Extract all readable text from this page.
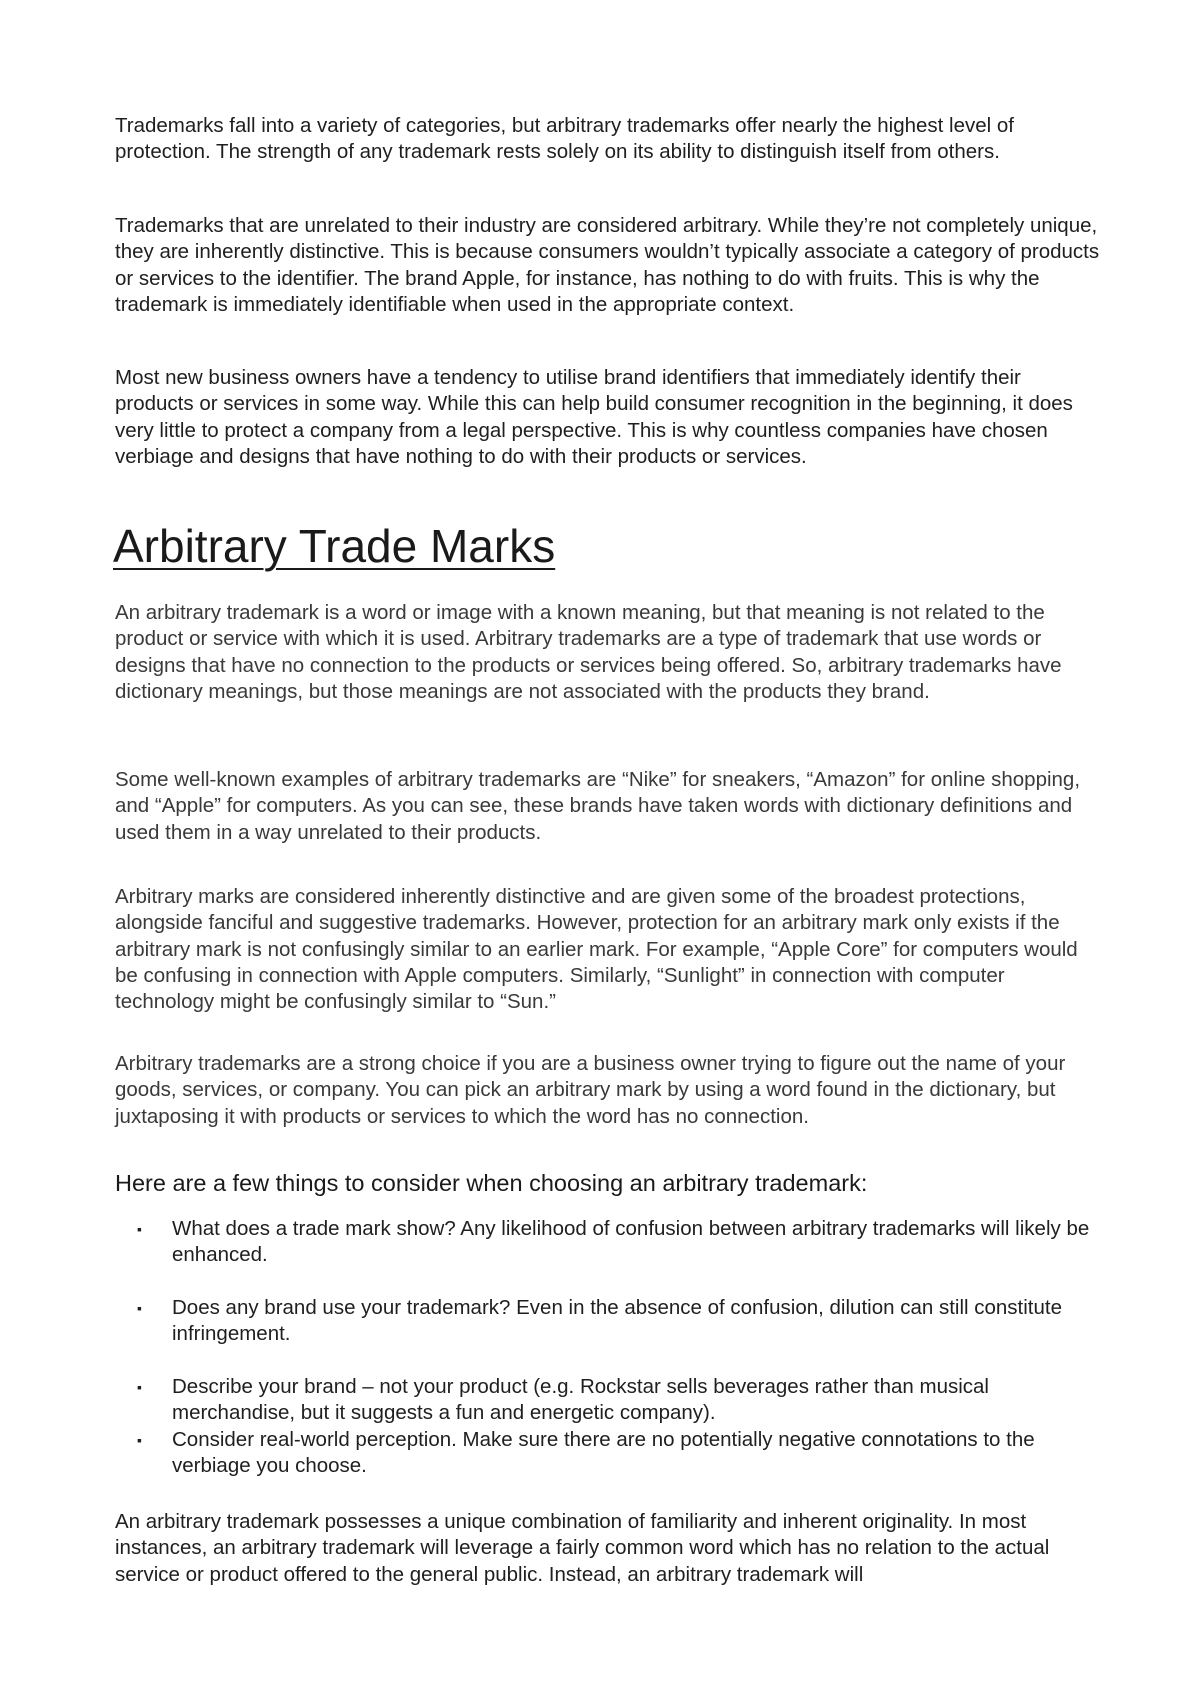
Trademarks fall into a variety of categories, but arbitrary trademarks offer nearly the highest level of protection. The strength of any trademark rests solely on its ability to distinguish itself from others.

Trademarks that are unrelated to their industry are considered arbitrary. While they’re not completely unique, they are inherently distinctive. This is because consumers wouldn’t typically associate a category of products or services to the identifier. The brand Apple, for instance, has nothing to do with fruits. This is why the trademark is immediately identifiable when used in the appropriate context.

Most new business owners have a tendency to utilise brand identifiers that immediately identify their products or services in some way. While this can help build consumer recognition in the beginning, it does very little to protect a company from a legal perspective. This is why countless companies have chosen verbiage and designs that have nothing to do with their products or services.

Arbitrary Trade Marks

An arbitrary trademark is a word or image with a known meaning, but that meaning is not related to the product or service with which it is used. Arbitrary trademarks are a type of trademark that use words or designs that have no connection to the products or services being offered. So, arbitrary trademarks have dictionary meanings, but those meanings are not associated with the products they brand.

Some well-known examples of arbitrary trademarks are “Nike” for sneakers, “Amazon” for online shopping, and “Apple” for computers. As you can see, these brands have taken words with dictionary definitions and used them in a way unrelated to their products.

Arbitrary marks are considered inherently distinctive and are given some of the broadest protections, alongside fanciful and suggestive trademarks. However, protection for an arbitrary mark only exists if the arbitrary mark is not confusingly similar to an earlier mark. For example, “Apple Core” for computers would be confusing in connection with Apple computers. Similarly, “Sunlight” in connection with computer technology might be confusingly similar to “Sun.”

Arbitrary trademarks are a strong choice if you are a business owner trying to figure out the name of your goods, services, or company. You can pick an arbitrary mark by using a word found in the dictionary, but juxtaposing it with products or services to which the word has no connection.

Here are a few things to consider when choosing an arbitrary trademark:
▪ What does a trade mark show? Any likelihood of confusion between arbitrary trademarks will likely be enhanced.
▪ Does any brand use your trademark? Even in the absence of confusion, dilution can still constitute infringement.
▪ Describe your brand – not your product (e.g. Rockstar sells beverages rather than musical merchandise, but it suggests a fun and energetic company).
▪ Consider real-world perception. Make sure there are no potentially negative connotations to the verbiage you choose.

An arbitrary trademark possesses a unique combination of familiarity and inherent originality. In most instances, an arbitrary trademark will leverage a fairly common word which has no relation to the actual service or product offered to the general public. Instead, an arbitrary trademark will
